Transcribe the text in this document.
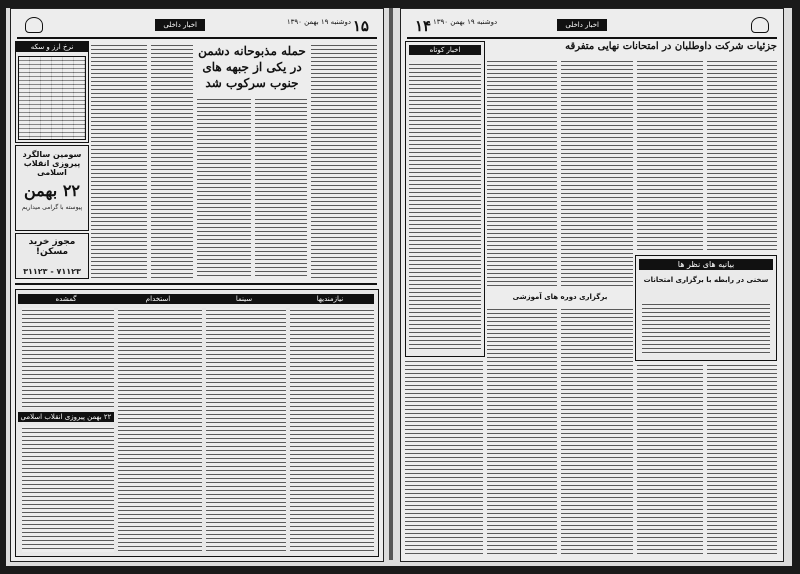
۱۵
دوشنبه ۱۹ بهمن ۱۳۹۰
اخبار داخلی
نرخ ارز و سکه
سومین سالگرد پیروزی انقلاب اسلامی
۲۲ بهمن
پیوسته با گرامی میداریم
مجوز خرید مسکن!
۷۱۱۲۳ - ۳۱۱۲۳
حمله مذبوحانه دشمن در یکی از جبهه های جنوب سرکوب شد
نیازمندیها
سینما
استخدام
گمشده
۲۲ بهمن پیروزی انقلاب اسلامی
اخبار داخلی
دوشنبه ۱۹ بهمن ۱۳۹۰
۱۴
جزئیات شرکت داوطلبان در امتحانات نهایی متفرقه
اخبار کوتاه
بیانیه های نظر ها
سخنی در رابطه با برگزاری امتحانات
برگزاری دوره های آموزشی
